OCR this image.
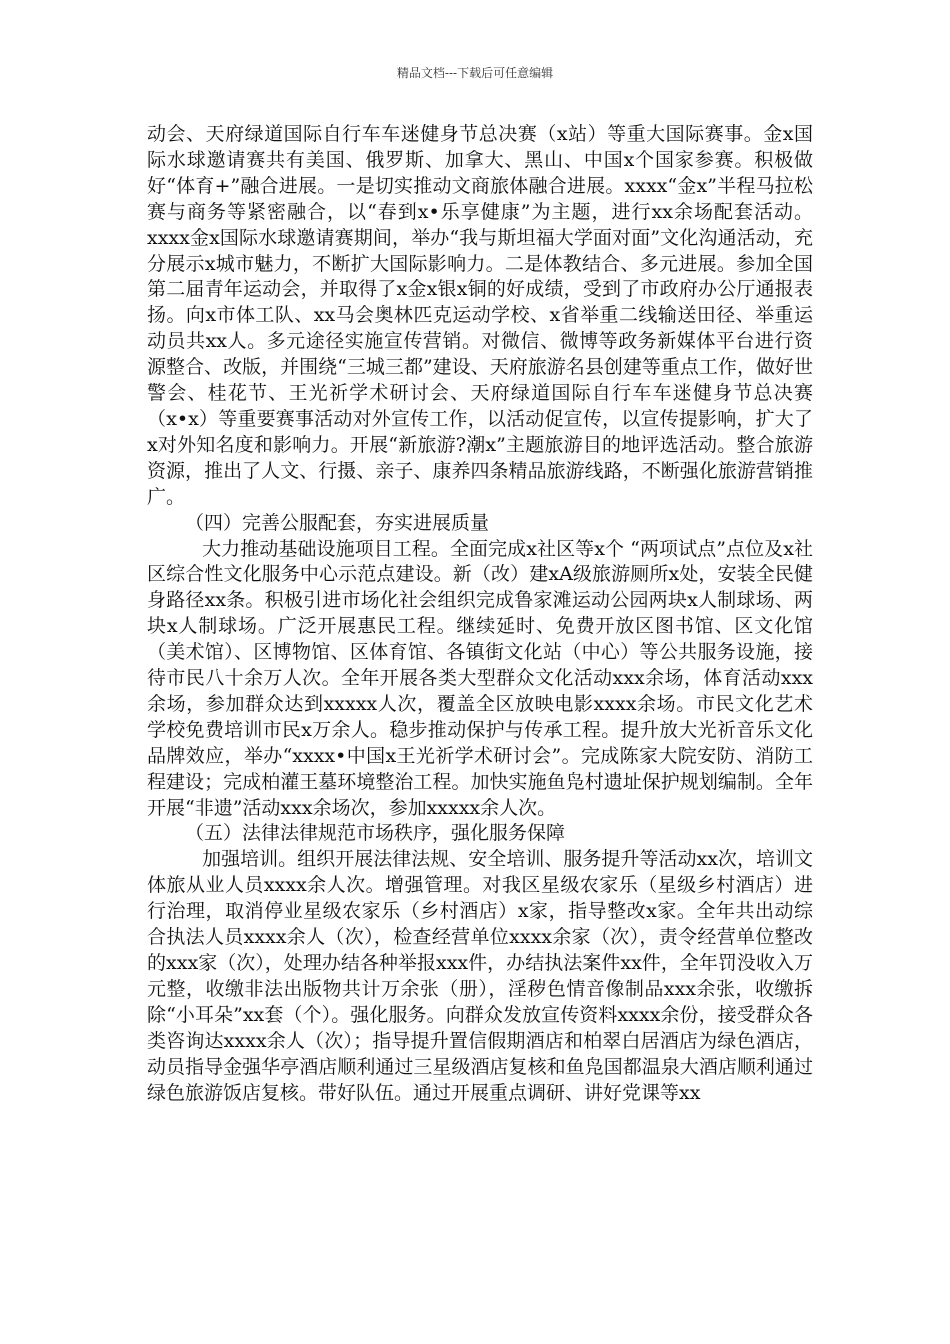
精品文档---下载后可任意编辑

动会、天府绿道国际自行车车迷健身节总决赛（x站）等重大国际赛事。金x国际水球邀请赛共有美国、俄罗斯、加拿大、黑山、中国x个国家参赛。积极做好“体育+”融合进展。一是切实推动文商旅体融合进展。xxxx“金x”半程马拉松赛与商务等紧密融合，以“春到x•乐享健康”为主题，进行xx余场配套活动。xxxx金x国际水球邀请赛期间，举办“我与斯坦福大学面对面”文化沟通活动，充分展示x城市魅力，不断扩大国际影响力。二是体教结合、多元进展。参加全国第二届青年运动会，并取得了x金x银x铜的好成绩，受到了市政府办公厅通报表扬。向x市体工队、xx马会奥林匹克运动学校、x省举重二线输送田径、举重运动员共xx人。多元途径实施宣传营销。对微信、微博等政务新媒体平台进行资源整合、改版，并围绕“三城三都”建设、天府旅游名县创建等重点工作，做好世警会、桂花节、王光祈学术研讨会、天府绿道国际自行车车迷健身节总决赛（x•x）等重要赛事活动对外宣传工作，以活动促宣传，以宣传提影响，扩大了x对外知名度和影响力。开展“新旅游?潮x”主题旅游目的地评选活动。整合旅游资源，推出了人文、行摄、亲子、康养四条精品旅游线路，不断强化旅游营销推广。

（四）完善公服配套，夯实进展质量

大力推动基础设施项目工程。全面完成x社区等x个 “两项试点”点位及x社区综合性文化服务中心示范点建设。新（改）建xA级旅游厕所x处，安装全民健身路径xx条。积极引进市场化社会组织完成鲁家滩运动公园两块x人制球场、两块x人制球场。广泛开展惠民工程。继续延时、免费开放区图书馆、区文化馆（美术馆）、区博物馆、区体育馆、各镇街文化站（中心）等公共服务设施，接待市民八十余万人次。全年开展各类大型群众文化活动xxx余场，体育活动xxx余场，参加群众达到xxxxx人次，覆盖全区放映电影xxxx余场。市民文化艺术学校免费培训市民x万余人。稳步推动保护与传承工程。提升放大光祈音乐文化品牌效应，举办“xxxx•中国x王光祈学术研讨会”。完成陈家大院安防、消防工程建设；完成柏灌王墓环境整治工程。加快实施鱼凫村遗址保护规划编制。全年开展“非遗”活动xxx余场次，参加xxxxx余人次。

（五）法律法律规范市场秩序，强化服务保障

加强培训。组织开展法律法规、安全培训、服务提升等活动xx次，培训文体旅从业人员xxxx余人次。增强管理。对我区星级农家乐（星级乡村酒店）进行治理，取消停业星级农家乐（乡村酒店）x家，指导整改x家。全年共出动综合执法人员xxxx余人（次），检查经营单位xxxx余家（次），责令经营单位整改的xxx家（次），处理办结各种举报xxx件，办结执法案件xx件，全年罚没收入万元整，收缴非法出版物共计万余张（册），淫秽色情音像制品xxx余张，收缴拆除“小耳朵”xx套（个）。强化服务。向群众发放宣传资料xxxx余份，接受群众各类咨询达xxxx余人（次）；指导提升置信假期酒店和柏翠白居酒店为绿色酒店，动员指导金强华亭酒店顺利通过三星级酒店复核和鱼凫国都温泉大酒店顺利通过绿色旅游饭店复核。带好队伍。通过开展重点调研、讲好党课等xx
